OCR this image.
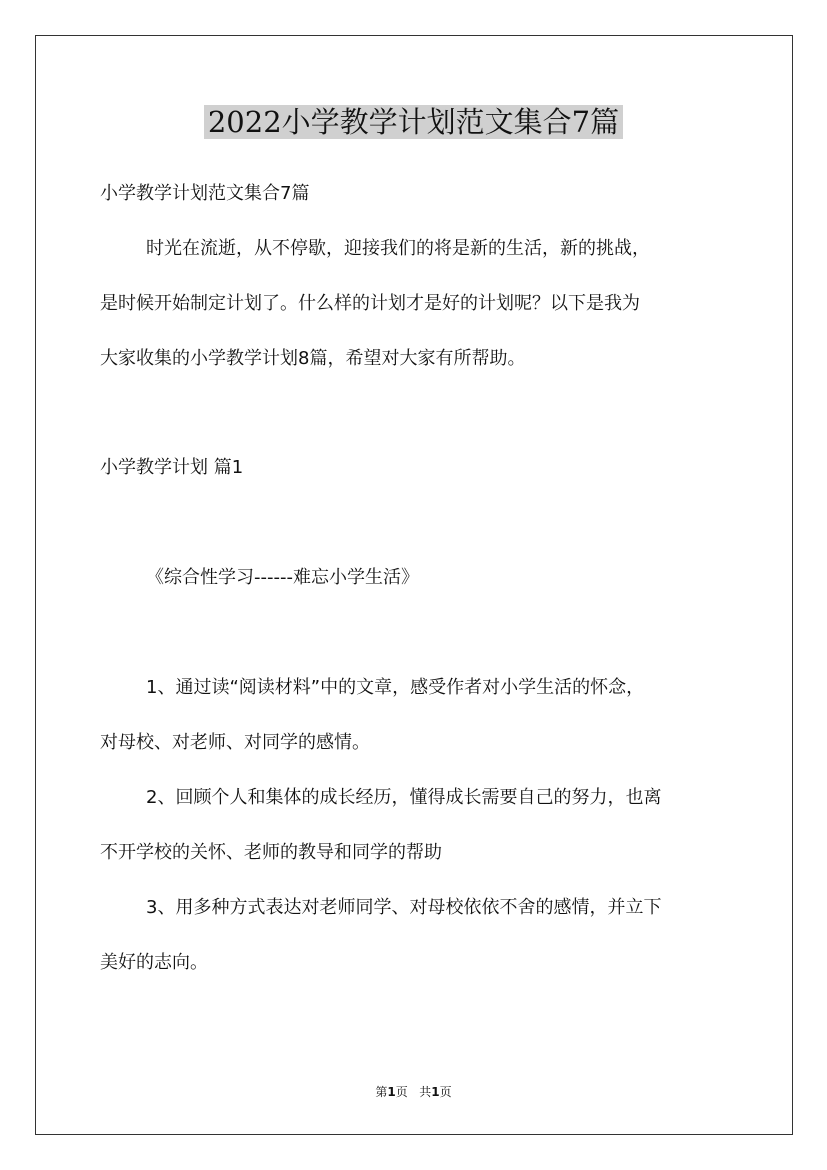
2022小学教学计划范文集合7篇

小学教学计划范文集合7篇

时光在流逝，从不停歇，迎接我们的将是新的生活，新的挑战，

是时候开始制定计划了。什么样的计划才是好的计划呢？以下是我为

大家收集的小学教学计划8篇，希望对大家有所帮助。

小学教学计划 篇1

《综合性学习------难忘小学生活》

1、通过读“阅读材料”中的文章，感受作者对小学生活的怀念，

对母校、对老师、对同学的感情。

2、回顾个人和集体的成长经历，懂得成长需要自己的努力，也离

不开学校的关怀、老师的教导和同学的帮助

3、用多种方式表达对老师同学、对母校依依不舍的感情，并立下

美好的志向。

第1页 共1页
